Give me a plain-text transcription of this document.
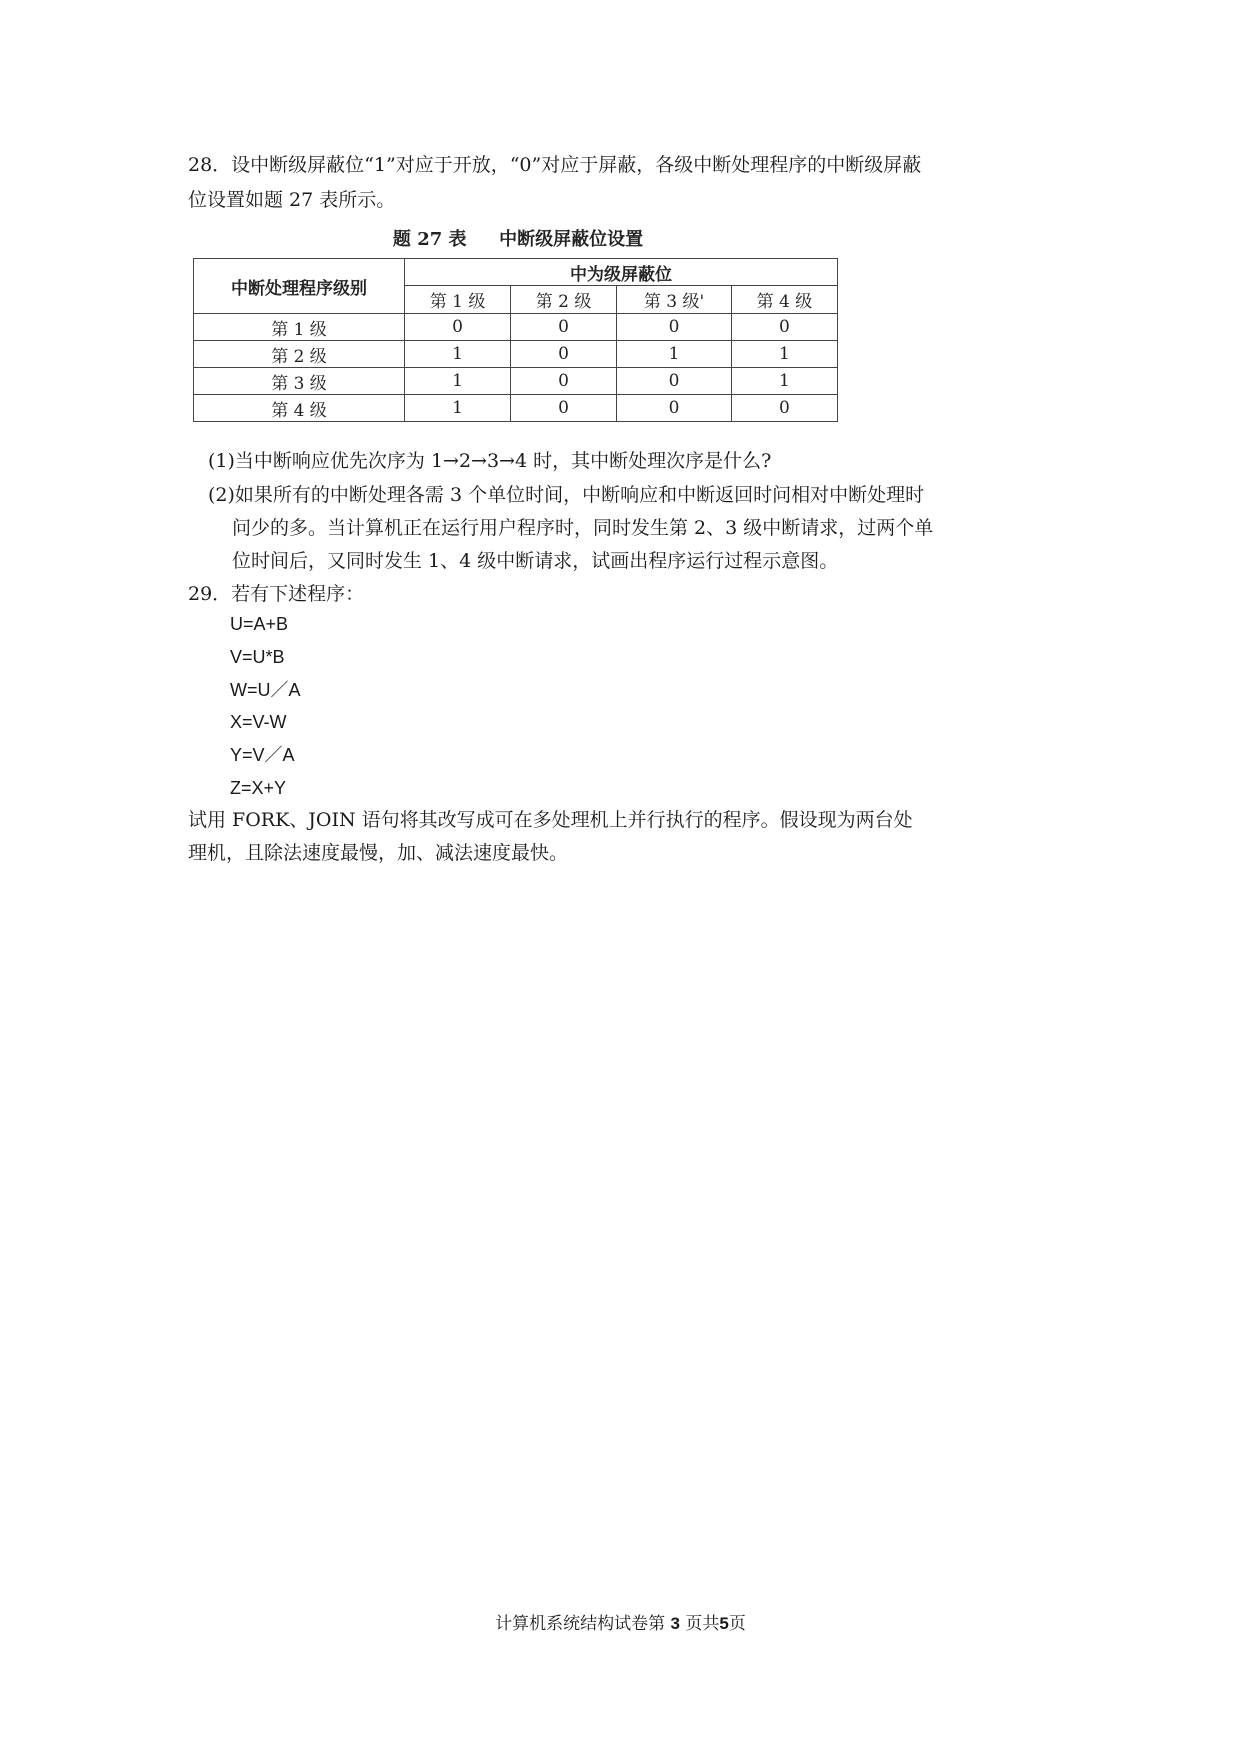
28．设中断级屏蔽位“1”对应于开放，“0”对应于屏蔽，各级中断处理程序的中断级屏蔽
位设置如题 27 表所示。
题 27 表 中断级屏蔽位设置
中断处理程序级别	中为级屏蔽位			
	第 1 级	第 2 级	第 3 级'	第 4 级
第 1 级	0	0	0	0
第 2 级	1	0	1	1
第 3 级	1	0	0	1
第 4 级	1	0	0	0
(1)当中断响应优先次序为 1→2→3→4 时，其中断处理次序是什么?
(2)如果所有的中断处理各需 3 个单位时间，中断响应和中断返回时问相对中断处理时
问少的多。当计算机正在运行用户程序时，同时发生第 2、3 级中断请求，过两个单
位时间后，又同时发生 1、4 级中断请求，试画出程序运行过程示意图。
29．若有下述程序：
U=A+B
V=U*B
W=U／A
X=V-W
Y=V／A
Z=X+Y
试用 FORK、JOIN 语句将其改写成可在多处理机上并行执行的程序。假设现为两台处
理机，且除法速度最慢，加、减法速度最快。
计算机系统结构试卷第 3 页共5页
